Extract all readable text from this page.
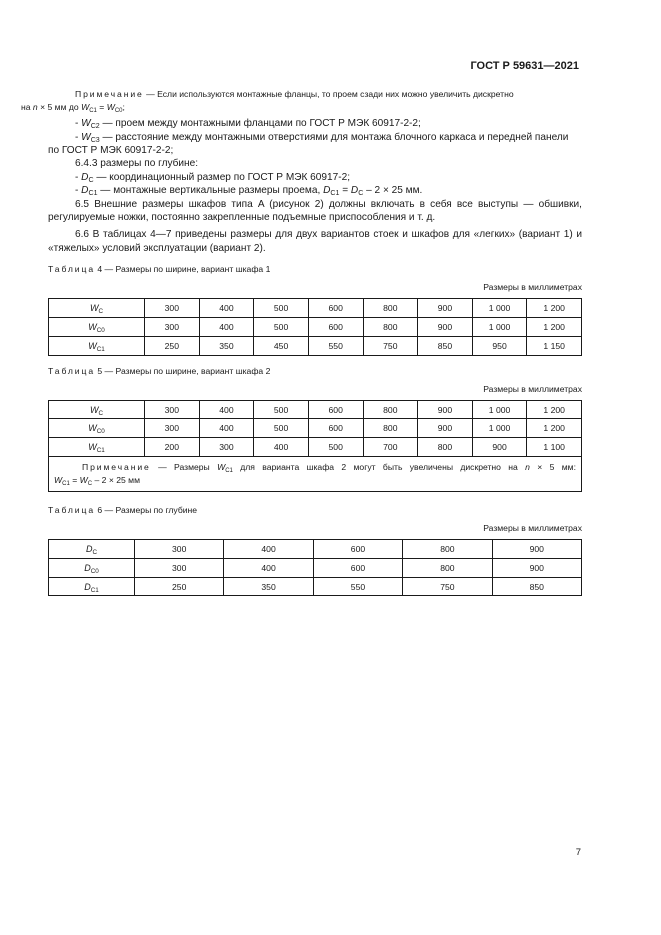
ГОСТ Р 59631—2021

Примечание — Если используются монтажные фланцы, то проем сзади них можно увеличить дискретно
на n × 5 мм до $W_{C1} = W_{C0}$;

- $W_{C2}$ — проем между монтажными фланцами по ГОСТ Р МЭК 60917-2-2;

- $W_{C3}$ — расстояние между монтажными отверстиями для монтажа блочного каркаса и передней панели по ГОСТ Р МЭК 60917-2-2;

6.4.3 размеры по глубине:

- $D_C$ — координационный размер по ГОСТ Р МЭК 60917-2;

- $D_{C1}$ — монтажные вертикальные размеры проема, $D_{C1} = D_C - 2 \times 25$ мм.

6.5 Внешние размеры шкафов типа A (рисунок 2) должны включать в себя все выступы — обшивки, регулируемые ножки, постоянно закрепленные подъемные приспособления и т. д.

6.6 В таблицах 4—7 приведены размеры для двух вариантов стоек и шкафов для «легких» (вариант 1) и «тяжелых» условий эксплуатации (вариант 2).

Таблица 4 — Размеры по ширине, вариант шкафа 1

Размеры в миллиметрах

$W_C$	300	400	500	600	800	900	1 000	1 200
$W_{C0}$	300	400	500	600	800	900	1 000	1 200
$W_{C1}$	250	350	450	550	750	850	950	1 150

Таблица 5 — Размеры по ширине, вариант шкафа 2

Размеры в миллиметрах

$W_C$	300	400	500	600	800	900	1 000	1 200
$W_{C0}$	300	400	500	600	800	900	1 000	1 200
$W_{C1}$	200	300	400	500	700	800	900	1 100

Примечание — Размеры $W_{C1}$ для варианта шкафа 2 могут быть увеличены дискретно на n × 5 мм:
$W_{C1} = W_C - 2 \times 25$ мм								

Таблица 6 — Размеры по глубине

Размеры в миллиметрах

$D_C$	300	400	600	800	900
$D_{C0}$	300	400	600	800	900
$D_{C1}$	250	350	550	750	850
7
